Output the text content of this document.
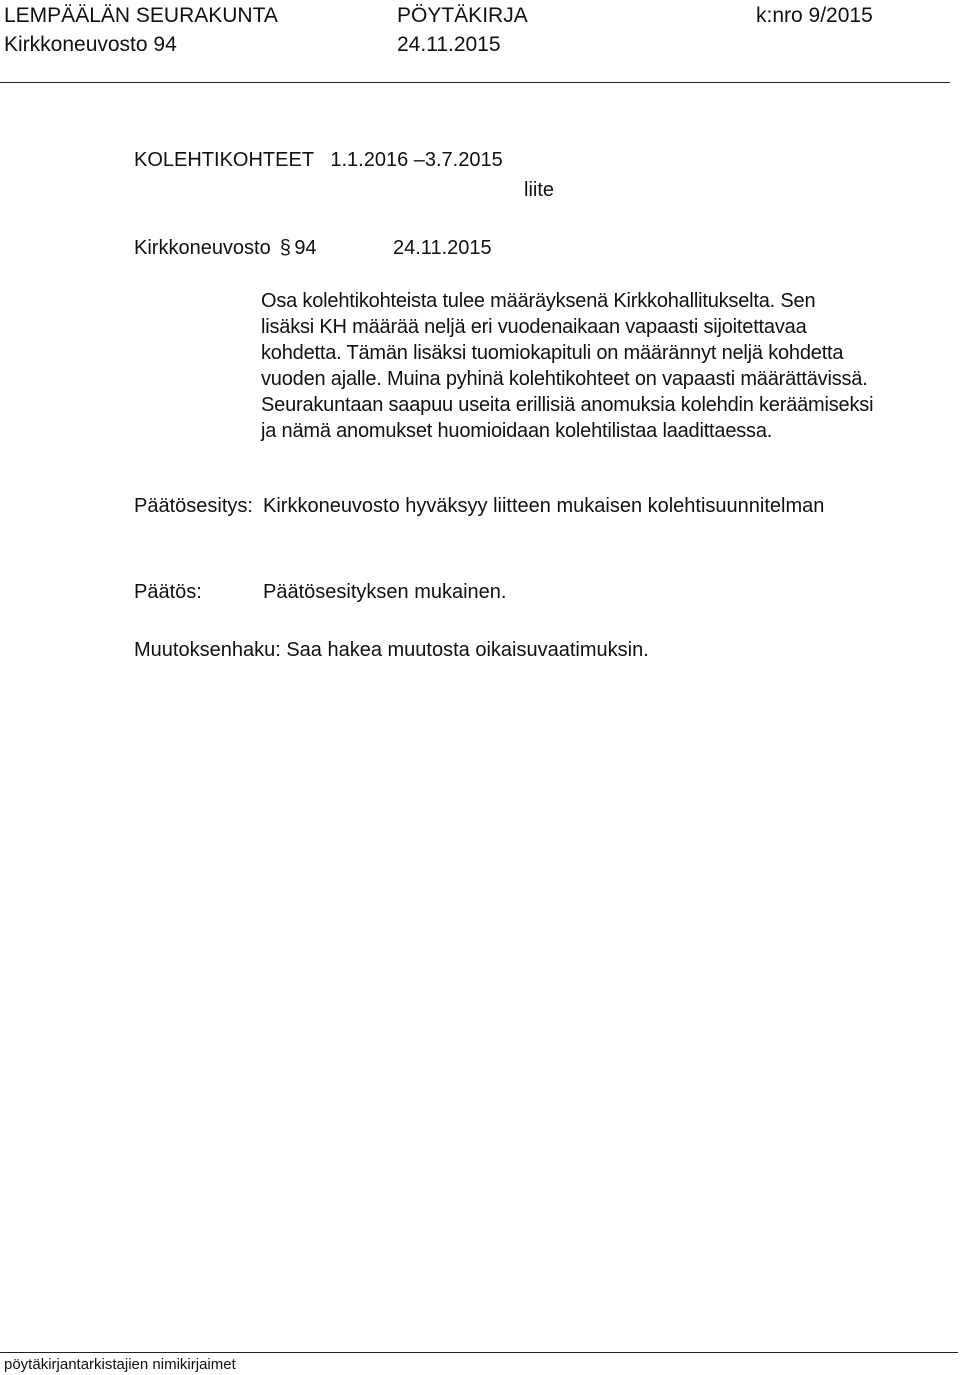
LEMPÄÄLÄN SEURAKUNTA	PÖYTÄKIRJA	k:nro 9/2015
Kirkkoneuvosto 94	24.11.2015
KOLEHTIKOHTEET   1.1.2016 –3.7.2015
liite
Kirkkoneuvosto § 94	24.11.2015

Osa kolehtikohteista tulee määräyksenä Kirkkohallitukselta. Sen

lisäksi KH määrää neljä eri vuodenaikaan vapaasti sijoitettavaa

kohdetta. Tämän lisäksi tuomiokapituli on määrännyt neljä kohdetta

vuoden ajalle. Muina pyhinä kolehtikohteet on vapaasti määrättävissä.

Seurakuntaan saapuu useita erillisiä anomuksia kolehdin keräämiseksi

ja nämä anomukset huomioidaan kolehtilistaa laadittaessa.

Päätösesitys: Kirkkoneuvosto hyväksyy liitteen mukaisen kolehtisuunnitelman
Päätös:	Päätösesityksen mukainen.
Muutoksenhaku: Saa hakea muutosta oikaisuvaatimuksin.
pöytäkirjantarkistajien nimikirjaimet
